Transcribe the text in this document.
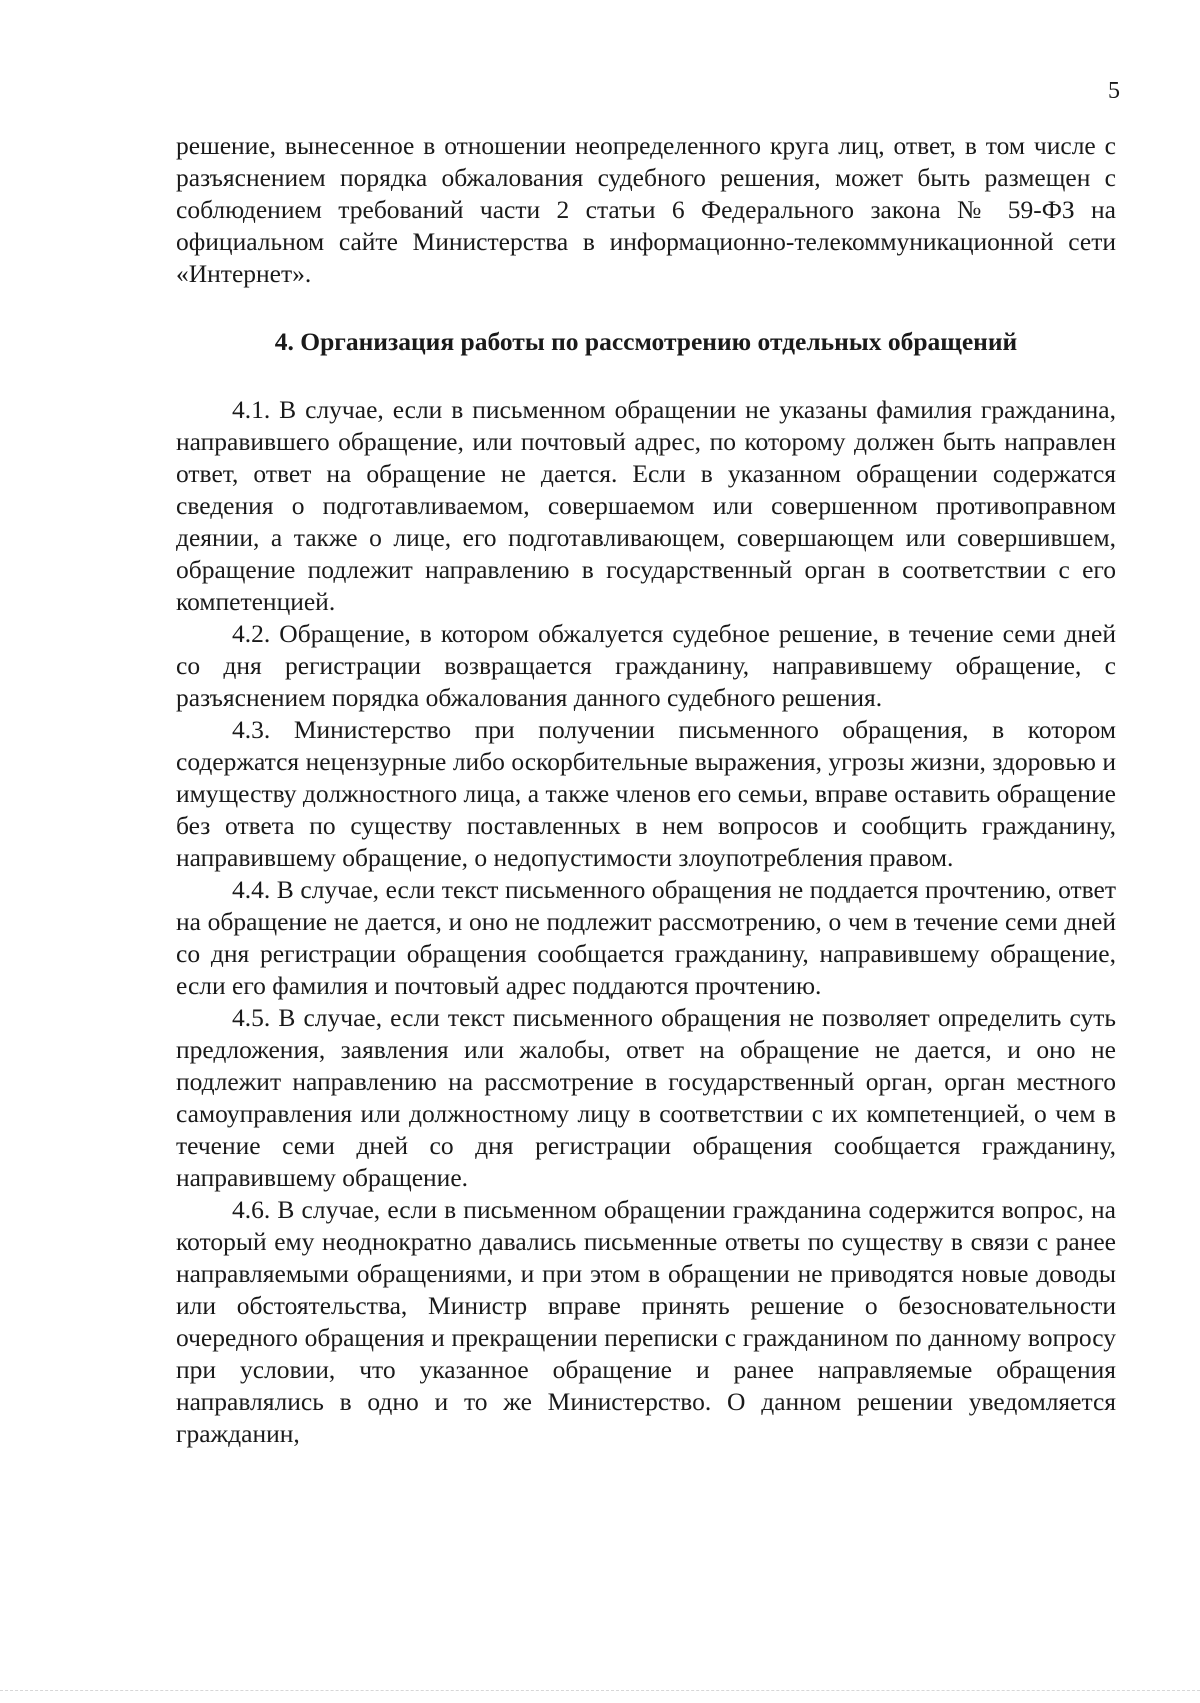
5

решение, вынесенное в отношении неопределенного круга лиц, ответ, в том числе с разъяснением порядка обжалования судебного решения, может быть размещен с соблюдением требований части 2 статьи 6 Федерального закона № 59-ФЗ на официальном сайте Министерства в информационно-телекоммуникационной сети «Интернет».

4. Организация работы по рассмотрению отдельных обращений

4.1. В случае, если в письменном обращении не указаны фамилия гражданина, направившего обращение, или почтовый адрес, по которому должен быть направлен ответ, ответ на обращение не дается. Если в указанном обращении содержатся сведения о подготавливаемом, совершаемом или совершенном противоправном деянии, а также о лице, его подготавливающем, совершающем или совершившем, обращение подлежит направлению в государственный орган в соответствии с его компетенцией.

4.2. Обращение, в котором обжалуется судебное решение, в течение семи дней со дня регистрации возвращается гражданину, направившему обращение, с разъяснением порядка обжалования данного судебного решения.

4.3. Министерство при получении письменного обращения, в котором содержатся нецензурные либо оскорбительные выражения, угрозы жизни, здоровью и имуществу должностного лица, а также членов его семьи, вправе оставить обращение без ответа по существу поставленных в нем вопросов и сообщить гражданину, направившему обращение, о недопустимости злоупотребления правом.

4.4. В случае, если текст письменного обращения не поддается прочтению, ответ на обращение не дается, и оно не подлежит рассмотрению, о чем в течение семи дней со дня регистрации обращения сообщается гражданину, направившему обращение, если его фамилия и почтовый адрес поддаются прочтению.

4.5. В случае, если текст письменного обращения не позволяет определить суть предложения, заявления или жалобы, ответ на обращение не дается, и оно не подлежит направлению на рассмотрение в государственный орган, орган местного самоуправления или должностному лицу в соответствии с их компетенцией, о чем в течение семи дней со дня регистрации обращения сообщается гражданину, направившему обращение.

4.6. В случае, если в письменном обращении гражданина содержится вопрос, на который ему неоднократно давались письменные ответы по существу в связи с ранее направляемыми обращениями, и при этом в обращении не приводятся новые доводы или обстоятельства, Министр вправе принять решение о безосновательности очередного обращения и прекращении переписки с гражданином по данному вопросу при условии, что указанное обращение и ранее направляемые обращения направлялись в одно и то же Министерство. О данном решении уведомляется гражданин,
